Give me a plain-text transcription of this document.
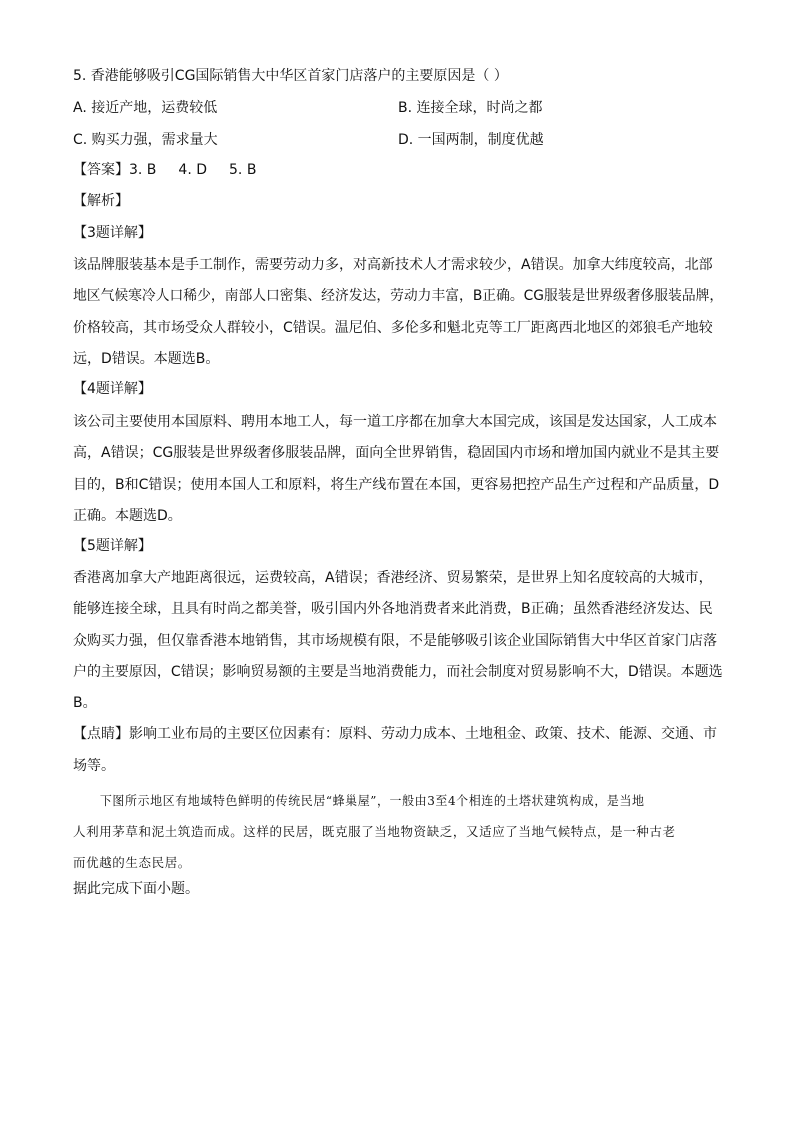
5. 香港能够吸引CG国际销售大中华区首家门店落户的主要原因是（ ）
A. 接近产地，运费较低	B. 连接全球，时尚之都
C. 购买力强，需求量大	D. 一国两制，制度优越
【答案】3. B 4. D 5. B
【解析】
【3题详解】
该品牌服装基本是手工制作，需要劳动力多，对高新技术人才需求较少，A错误。加拿大纬度较高，北部
地区气候寒冷人口稀少，南部人口密集、经济发达，劳动力丰富，B正确。CG服装是世界级奢侈服装品牌，
价格较高，其市场受众人群较小，C错误。温尼伯、多伦多和魁北克等工厂距离西北地区的郊狼毛产地较
远，D错误。本题选B。
【4题详解】
该公司主要使用本国原料、聘用本地工人，每一道工序都在加拿大本国完成，该国是发达国家，人工成本
高，A错误；CG服装是世界级奢侈服装品牌，面向全世界销售，稳固国内市场和增加国内就业不是其主要
目的，B和C错误；使用本国人工和原料，将生产线布置在本国，更容易把控产品生产过程和产品质量，D
正确。本题选D。
【5题详解】
香港离加拿大产地距离很远，运费较高，A错误；香港经济、贸易繁荣，是世界上知名度较高的大城市，
能够连接全球，且具有时尚之都美誉，吸引国内外各地消费者来此消费，B正确；虽然香港经济发达、民
众购买力强，但仅靠香港本地销售，其市场规模有限，不是能够吸引该企业国际销售大中华区首家门店落
户的主要原因，C错误；影响贸易额的主要是当地消费能力，而社会制度对贸易影响不大，D错误。本题选
B。
【点睛】影响工业布局的主要区位因素有：原料、劳动力成本、土地租金、政策、技术、能源、交通、市
场等。
下图所示地区有地域特色鲜明的传统民居“蜂巢屋”，一般由3至4个相连的土塔状建筑构成，是当地
人利用茅草和泥土筑造而成。这样的民居，既克服了当地物资缺乏，又适应了当地气候特点，是一种古老
而优越的生态民居。
据此完成下面小题。
